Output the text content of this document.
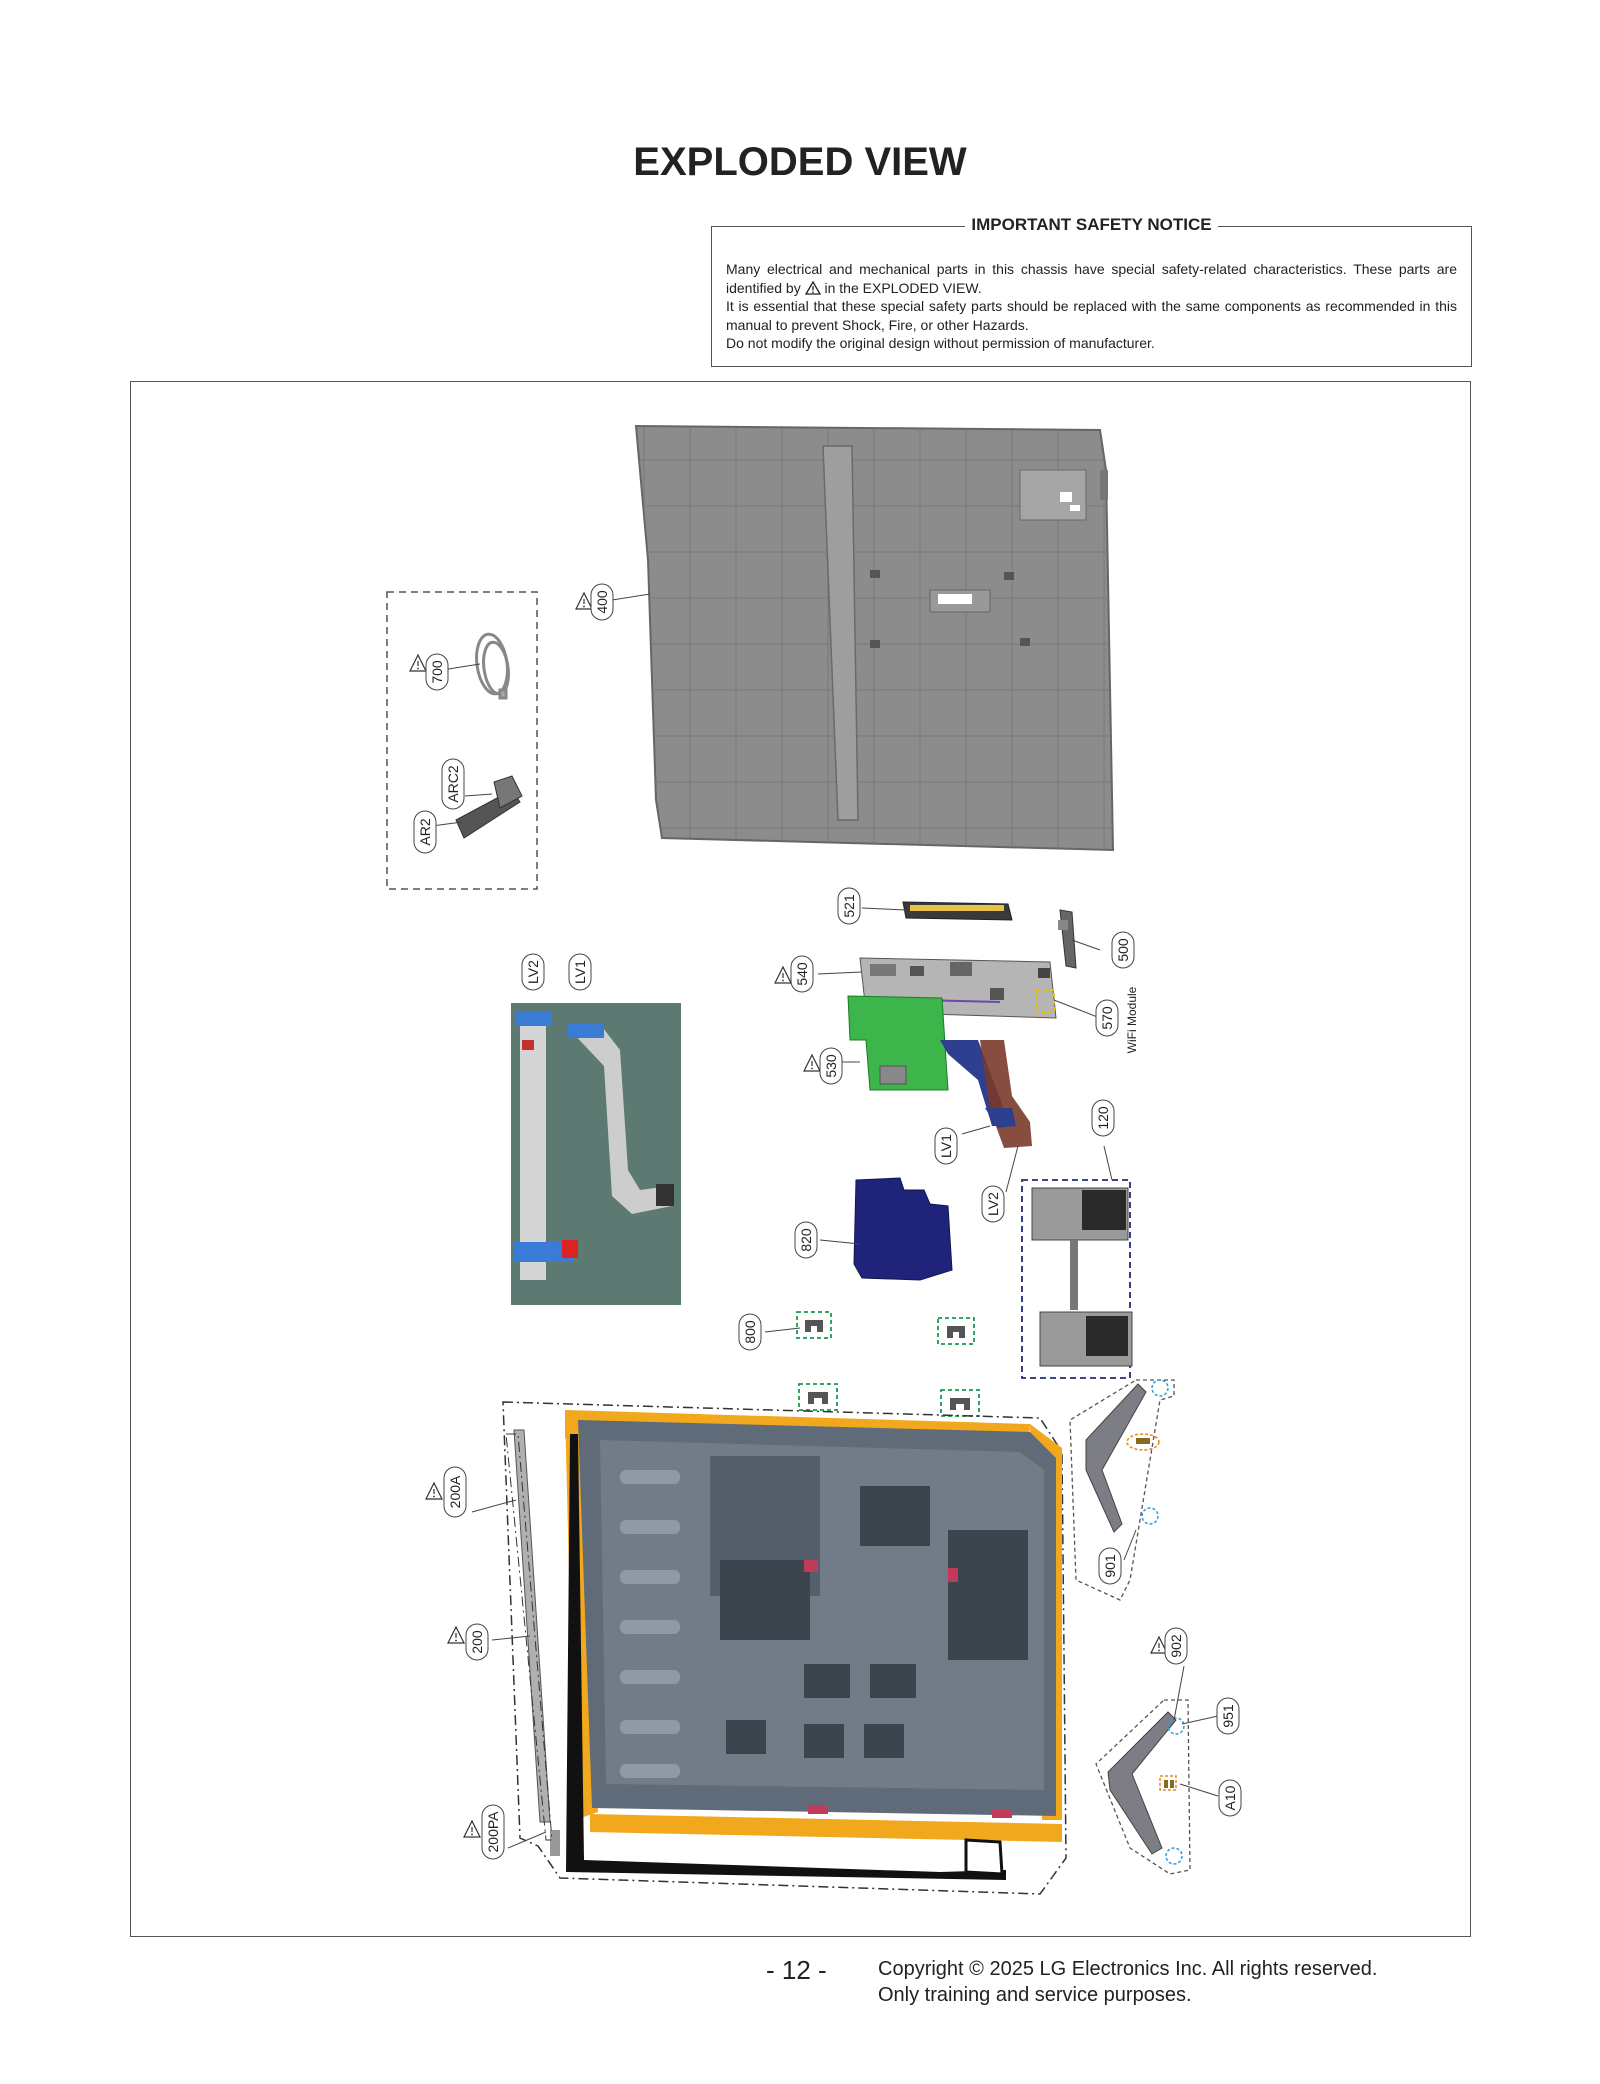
EXPLODED VIEW
IMPORTANT SAFETY NOTICE
Many electrical and mechanical parts in this chassis have special safety-related characteristics. These parts are identified by in the EXPLODED VIEW.
It is essential that these special safety parts should be replaced with the same components as recommended in this manual to prevent Shock, Fire, or other Hazards.
Do not modify the original design without permission of manufacturer.
400
700
ARC2
AR2
521
500
540
570 WiFi Module
530
120
LV1
LV2
LV2 LV1
820
800
200A
200
200PA
901
902
951
A10
- 12 -	Copyright © 2025 LG Electronics Inc. All rights reserved.
Only training and service purposes.
